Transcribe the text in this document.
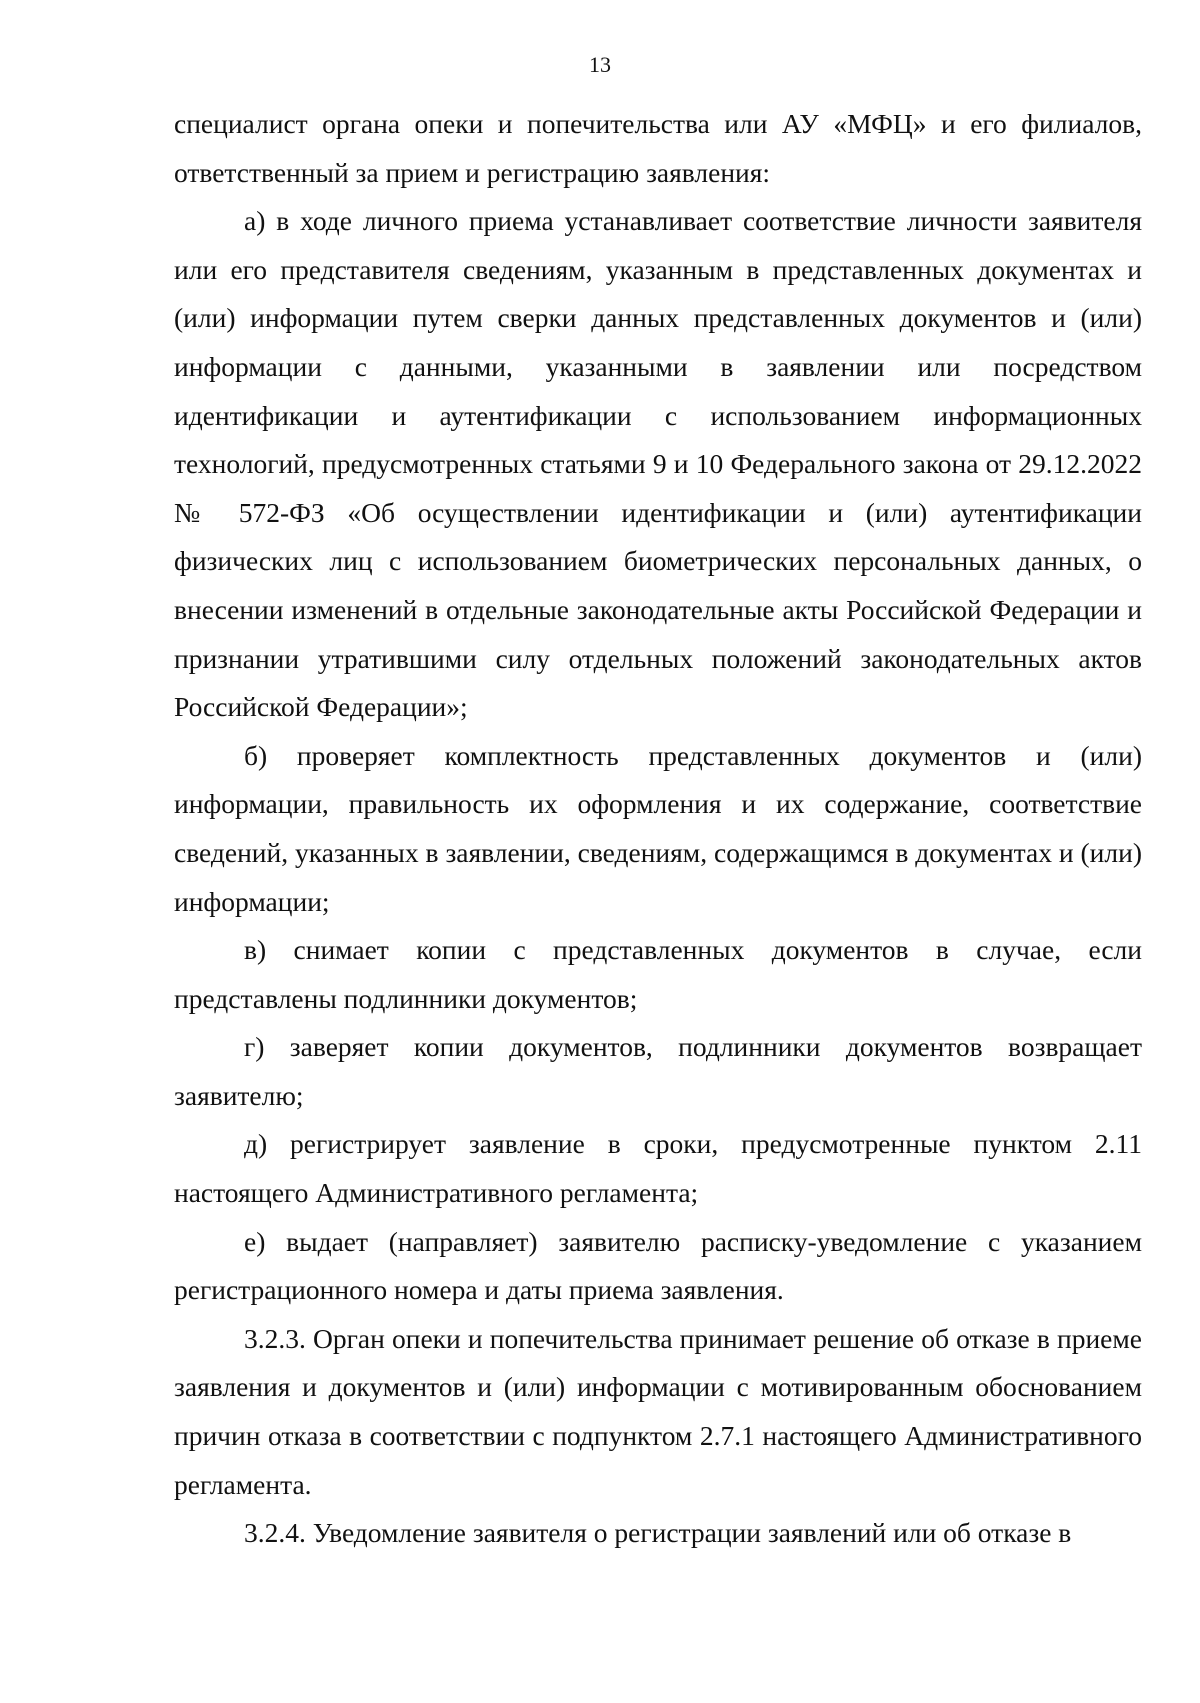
13

специалист органа опеки и попечительства или АУ «МФЦ» и его филиалов, ответственный за прием и регистрацию заявления:

а) в ходе личного приема устанавливает соответствие личности заявителя или его представителя сведениям, указанным в представленных документах и (или) информации путем сверки данных представленных документов и (или) информации с данными, указанными в заявлении или посредством идентификации и аутентификации с использованием информационных технологий, предусмотренных статьями 9 и 10 Федерального закона от 29.12.2022 № 572-ФЗ «Об осуществлении идентификации и (или) аутентификации физических лиц с использованием биометрических персональных данных, о внесении изменений в отдельные законодательные акты Российской Федерации и признании утратившими силу отдельных положений законодательных актов Российской Федерации»;

б) проверяет комплектность представленных документов и (или) информации, правильность их оформления и их содержание, соответствие сведений, указанных в заявлении, сведениям, содержащимся в документах и (или) информации;

в) снимает копии с представленных документов в случае, если представлены подлинники документов;

г) заверяет копии документов, подлинники документов возвращает заявителю;

д) регистрирует заявление в сроки, предусмотренные пунктом 2.11 настоящего Административного регламента;

е) выдает (направляет) заявителю расписку-уведомление с указанием регистрационного номера и даты приема заявления.

3.2.3. Орган опеки и попечительства принимает решение об отказе в приеме заявления и документов и (или) информации с мотивированным обоснованием причин отказа в соответствии с подпунктом 2.7.1 настоящего Административного регламента.

3.2.4. Уведомление заявителя о регистрации заявлений или об отказе в
